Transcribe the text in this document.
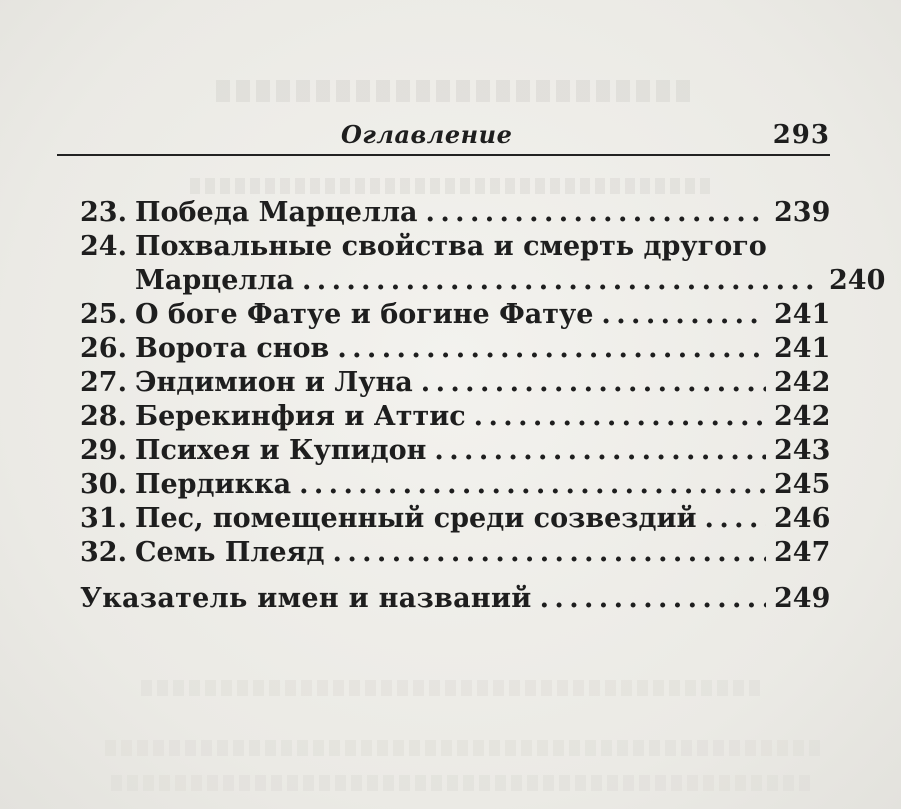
Оглавление	293
23. Победа Марцелла . . .	239
24. Похвальные свойства и смерть другого
Марцелла . . .	240
25. О боге Фатуе и богине Фатуе . . .	241
26. Ворота снов . . .	241
27. Эндимион и Луна . . .	242
28. Берекинфия и Аттис . . .	242
29. Психея и Купидон . . .	243
30. Пердикка . . .	245
31. Пес, помещенный среди созвездий . . .	246
32. Семь Плеяд . . .	247
Указатель имен и названий . . .	249
